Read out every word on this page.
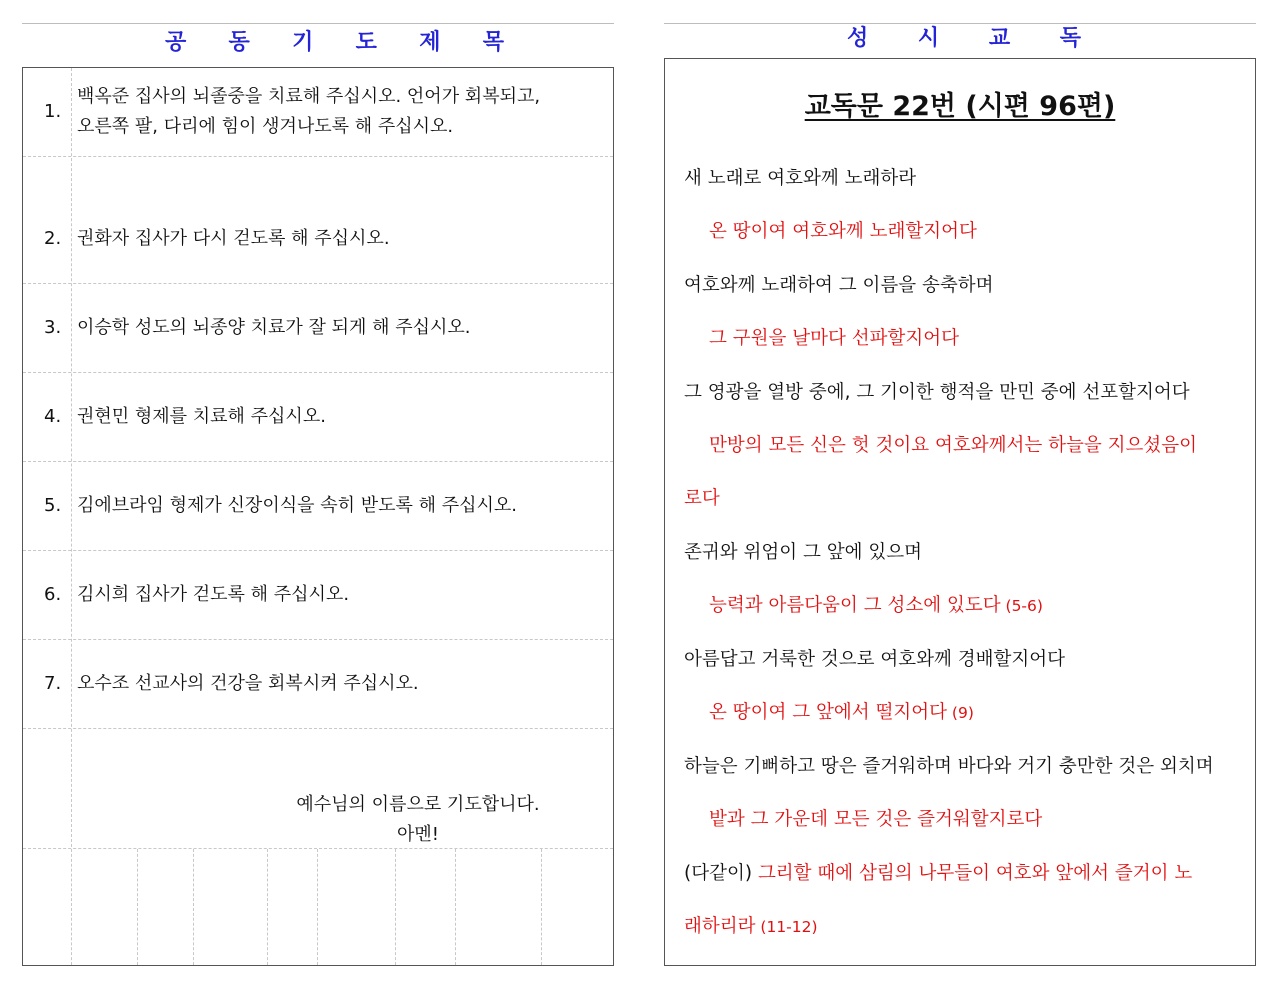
공 동 기 도 제 목
1.
백옥준 집사의 뇌졸중을 치료해 주십시오. 언어가 회복되고,
오른쪽 팔, 다리에 힘이 생겨나도록 해 주십시오.
2. 권화자 집사가 다시 걷도록 해 주십시오.
3. 이승학 성도의 뇌종양 치료가 잘 되게 해 주십시오.
4. 권현민 형제를 치료해 주십시오.
5. 김에브라임 형제가 신장이식을 속히 받도록 해 주십시오.
6. 김시희 집사가 걷도록 해 주십시오.
7. 오수조 선교사의 건강을 회복시켜 주십시오.
예수님의 이름으로 기도합니다.
아멘!
성 시 교 독
교독문 22번 (시편 96편)
새 노래로 여호와께 노래하라
온 땅이여 여호와께 노래할지어다
여호와께 노래하여 그 이름을 송축하며
그 구원을 날마다 선파할지어다
그 영광을 열방 중에, 그 기이한 행적을 만민 중에 선포할지어다
만방의 모든 신은 헛 것이요 여호와께서는 하늘을 지으셨음이
로다
존귀와 위엄이 그 앞에 있으며
능력과 아름다움이 그 성소에 있도다 (5-6)
아름답고 거룩한 것으로 여호와께 경배할지어다
온 땅이여 그 앞에서 떨지어다 (9)
하늘은 기뻐하고 땅은 즐거워하며 바다와 거기 충만한 것은 외치며
밭과 그 가운데 모든 것은 즐거워할지로다
(다같이) 그리할 때에 삼림의 나무들이 여호와 앞에서 즐거이 노
래하리라 (11-12)
